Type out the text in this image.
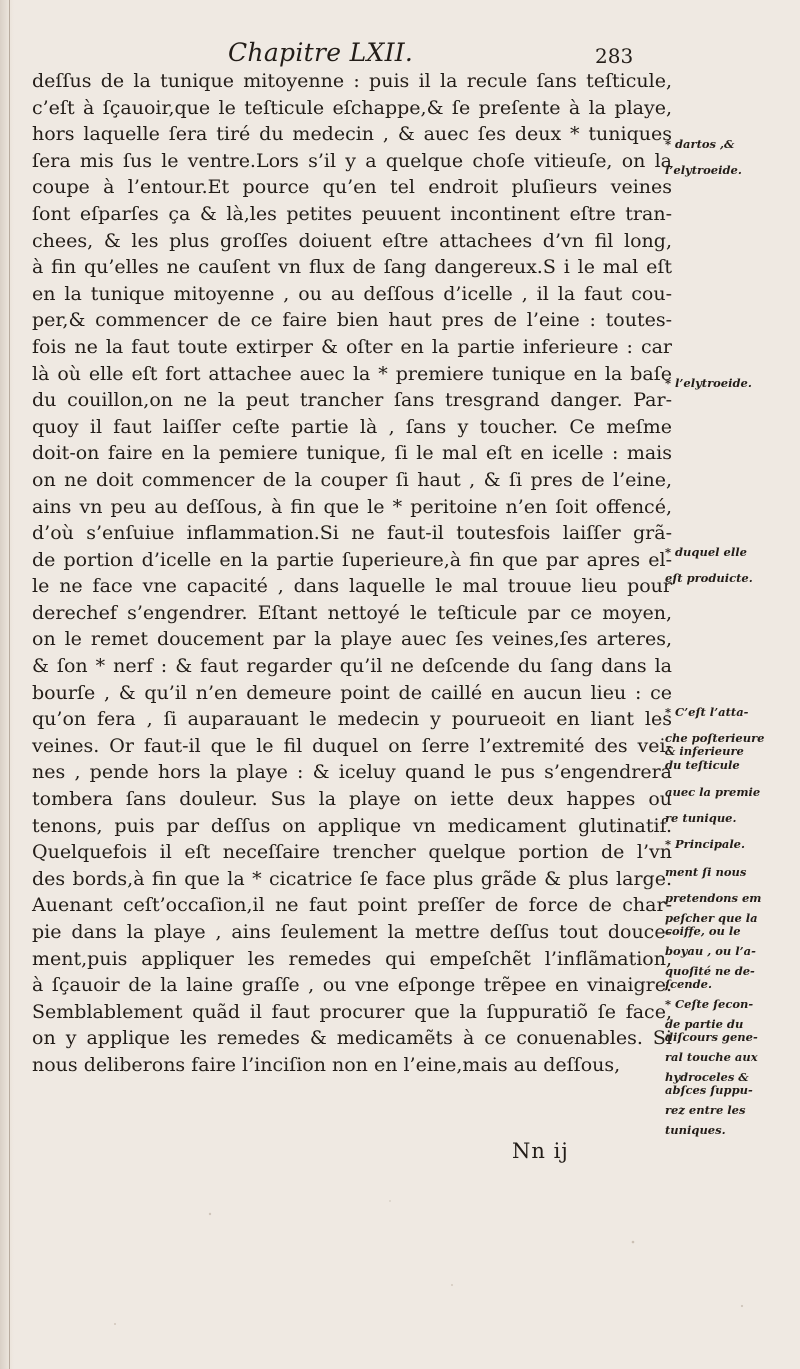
Chapitre LXII.	283
deſſus de la tunique mitoyenne : puis il la recule ſans teſticule,
c’eſt à ſçauoir,que le teſticule eſchappe,& ſe preſente à la playe,
hors laquelle ſera tiré du medecin , & auec ſes deux * tuniques
ſera mis ſus le ventre.Lors s’il y a quelque choſe vitieuſe, on la
coupe à l’entour.Et pource qu’en tel endroit pluſieurs veines
ſont eſparſes ça & là,les petites peuuent incontinent eſtre tran-
chees, & les plus groſſes doiuent eſtre attachees d’vn fil long,
à fin qu’elles ne cauſent vn flux de ſang dangereux.S i le mal eſt
en la tunique mitoyenne , ou au deſſous d’icelle , il la faut cou-
per,& commencer de ce faire bien haut pres de l’eine : toutes-
fois ne la faut toute extirper & oſter en la partie inferieure : car
là où elle eſt fort attachee auec la * premiere tunique en la baſe
du couillon,on ne la peut trancher ſans tresgrand danger. Par-
quoy il faut laiſſer ceſte partie là , ſans y toucher. Ce meſme
doit-on faire en la pemiere tunique, ſi le mal eſt en icelle : mais
on ne doit commencer de la couper ſi haut , & ſi pres de l’eine,
ains vn peu au deſſous, à fin que le * peritoine n’en ſoit offencé,
d’où s’enſuiue inflammation.Si ne faut-il toutesfois laiſſer grã-
de portion d’icelle en la partie ſuperieure,à fin que par apres el-
le ne face vne capacité , dans laquelle le mal trouue lieu pour
derechef s’engendrer. Eſtant nettoyé le teſticule par ce moyen,
on le remet doucement par la playe auec ſes veines,ſes arteres,
& ſon * nerf : & faut regarder qu’il ne deſcende du ſang dans la
bourſe , & qu’il n’en demeure point de caillé en aucun lieu : ce
qu’on fera , ſi auparauant le medecin y pourueoit en liant les
veines. Or faut-il que le fil duquel on ſerre l’extremité des vei-
nes , pende hors la playe : & iceluy quand le pus s’engendrera
tombera ſans douleur. Sus la playe on iette deux happes ou
tenons, puis par deſſus on applique vn medicament glutinatif.
Quelquefois il eſt neceſſaire trencher quelque portion de l’vn
des bords,à fin que la * cicatrice ſe face plus grãde & plus large.
Auenant ceſt’occaſion,il ne faut point preſſer de force de char-
pie dans la playe , ains ſeulement la mettre deſſus tout douce-
ment,puis appliquer les remedes qui empeſchẽt l’inflãmation,
à ſçauoir de la laine graſſe , ou vne eſponge trẽpee en vinaigre.
Semblablement quãd il faut procurer que la ſuppuratiõ ſe face,
on y applique les remedes & medicamẽts à ce conuenables. Si
nous deliberons faire l’inciſion non en l’eine,mais au deſſous,
* dartos ,&
l’elytroeide.
* l’elytroeide.
* duquel elle
eſt produicte.
* C’eſt l’atta-
che poſterieure
& inferieure
du teſticule
auec la premie
re tunique.
* Principale.
ment ſi nous
pretendons em
peſcher que la
coiffe, ou le
boyau , ou l’a-
quoſité ne de-
ſcende.
* Ceſte ſecon-
de partie du
diſcours gene-
ral touche aux
hydroceles &
abſces ſuppu-
rez entre les
tuniques.
Nn ij
